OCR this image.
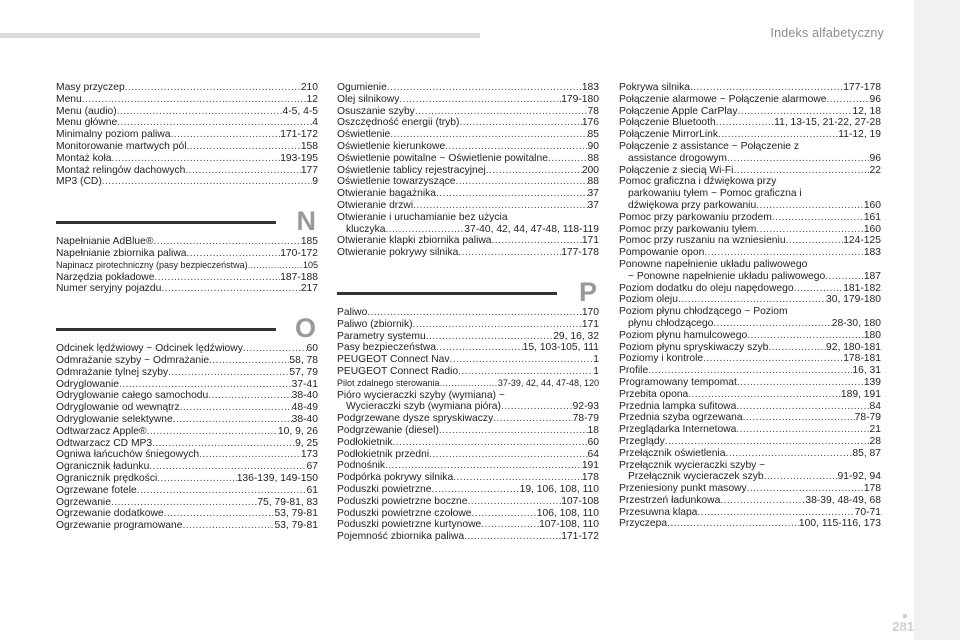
Indeks alfabetyczny
Masy przyczep .....	210
Menu .....	12
Menu (audio) .....	4-5, 4-5
Menu główne .....	4
Minimalny poziom paliwa .....	171-172
Monitorowanie martwych pól .....	158
Montaż koła .....	193-195
Montaż relingów dachowych .....	177
MP3 (CD) .....	9
N
Napełnianie AdBlue® .....	185
Napełnianie zbiornika paliwa .....	170-172
Napinacz pirotechniczny (pasy bezpieczeństwa) .....	105
Narzędzia pokładowe .....	187-188
Numer seryjny pojazdu .....	217
O
Odcinek lędźwiowy ~ Odcinek lędźwiowy .....	60
Odmrażanie szyby ~ Odmrażanie .....	58, 78
Odmrażanie tylnej szyby .....	57, 79
Odryglowanie .....	37-41
Odryglowanie całego samochodu .....	38-40
Odryglowanie od wewnątrz .....	48-49
Odryglowanie selektywne .....	38-40
Odtwarzacz Apple® .....	10, 9, 26
Odtwarzacz CD MP3 .....	9, 25
Ogniwa łańcuchów śniegowych .....	173
Ogranicznik ładunku .....	67
Ogranicznik prędkości .....	136-139, 149-150
Ogrzewane fotele .....	61
Ogrzewanie .....	75, 79-81, 83
Ogrzewanie dodatkowe .....	53, 79-81
Ogrzewanie programowane .....	53, 79-81
Ogumienie .....	183
Olej silnikowy .....	179-180
Osuszanie szyby .....	78
Oszczędność energii (tryb) .....	176
Oświetlenie .....	85
Oświetlenie kierunkowe .....	90
Oświetlenie powitalne ~ Oświetlenie powitalne .....	88
Oświetlenie tablicy rejestracyjnej .....	200
Oświetlenie towarzyszące .....	88
Otwieranie bagażnika .....	37
Otwieranie drzwi .....	37
Otwieranie i uruchamianie bez użycia
kluczyka .....	37-40, 42, 44, 47-48, 118-119
Otwieranie klapki zbiornika paliwa .....	171
Otwieranie pokrywy silnika .....	177-178
P
Paliwo .....	170
Paliwo (zbiornik) .....	171
Parametry systemu .....	29, 16, 32
Pasy bezpieczeństwa .....	15, 103-105, 111
PEUGEOT Connect Nav .....	1
PEUGEOT Connect Radio .....	1
Pilot zdalnego sterowania .....	37-39, 42, 44, 47-48, 120
Pióro wycieraczki szyby (wymiana) ~
Wycieraczki szyb (wymiana pióra) .....	92-93
Podgrzewane dysze spryskiwaczy .....	78-79
Podgrzewanie (diesel) .....	18
Podłokietnik .....	60
Podłokietnik przedni .....	64
Podnośnik .....	191
Podpórka pokrywy silnika .....	178
Poduszki powietrzne .....	19, 106, 108, 110
Poduszki powietrzne boczne .....	107-108
Poduszki powietrzne czołowe .....	106, 108, 110
Poduszki powietrzne kurtynowe .....	107-108, 110
Pojemność zbiornika paliwa .....	171-172
Pokrywa silnika .....	177-178
Połączenie alarmowe ~ Połączenie alarmowe .....	96
Połączenie Apple CarPlay .....	12, 18
Połączenie Bluetooth .....	11, 13-15, 21-22, 27-28
Połączenie MirrorLink .....	11-12, 19
Połączenie z assistance ~ Połączenie z
assistance drogowym .....	96
Połączenie z siecią Wi-Fi .....	22
Pomoc graficzna i dźwiękowa przy
parkowaniu tyłem ~ Pomoc graficzna i
dźwiękowa przy parkowaniu .....	160
Pomoc przy parkowaniu przodem .....	161
Pomoc przy parkowaniu tyłem .....	160
Pomoc przy ruszaniu na wzniesieniu .....	124-125
Pompowanie opon .....	183
Ponowne napełnienie układu paliwowego
~ Ponowne napełnienie układu paliwowego .....	187
Poziom dodatku do oleju napędowego .....	181-182
Poziom oleju .....	30, 179-180
Poziom płynu chłodzącego ~ Poziom
płynu chłodzącego .....	28-30, 180
Poziom płynu hamulcowego .....	180
Poziom płynu spryskiwaczy szyb .....	92, 180-181
Poziomy i kontrole .....	178-181
Profile .....	16, 31
Programowany tempomat .....	139
Przebita opona .....	189, 191
Przednia lampka sufitowa .....	84
Przednia szyba ogrzewana .....	78-79
Przeglądarka Internetowa .....	21
Przeglądy .....	28
Przełącznik oświetlenia .....	85, 87
Przełącznik wycieraczki szyby ~
Przełącznik wycieraczek szyb .....	91-92, 94
Przeniesiony punkt masowy .....	178
Przestrzeń ładunkowa .....	38-39, 48-49, 68
Przesuwna klapa .....	70-71
Przyczepa .....	100, 115-116, 173
281
